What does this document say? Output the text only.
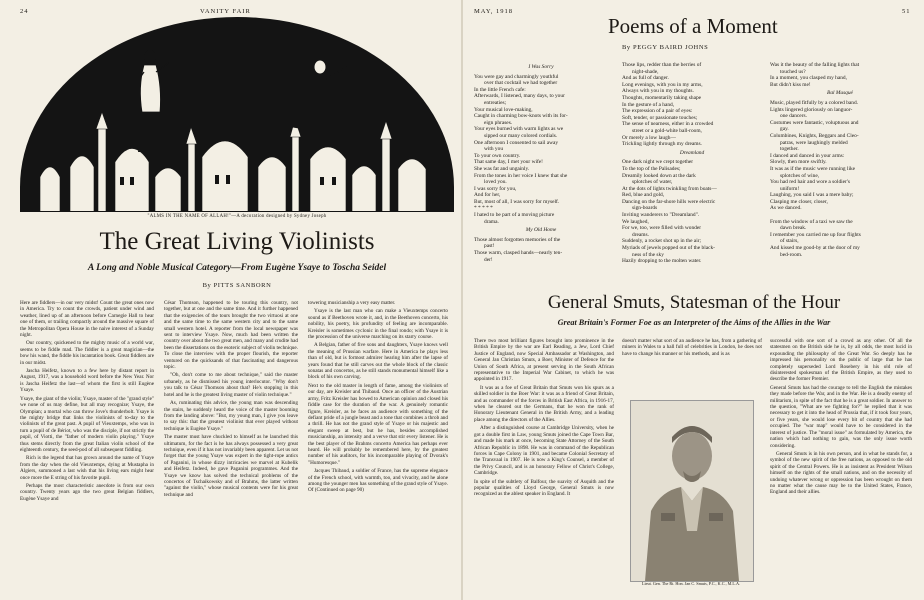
24	VANITY FAIR
"ALMS IN THE NAME OF ALLAH!"—A decoration designed by Sydney Joseph
The Great Living Violinists
A Long and Noble Musical Category—From Eugène Ysaye to Toscha Seidel
By PITTS SANBORN

Here are fiddlers—in our very midst! Count the great ones now in America. Try to count the crowds, patient under wind and weather, lined up of an afternoon before Carnegie Hall to hear one of them, or trailing compactly around the massive square of the Metropolitan Opera House in the naive interest of a Sunday night.

Our country, quickened to the mighty music of a world war, seems to be fiddle mad. The fiddler is a great magician—the bow his wand, the fiddle his incantation book. Great fiddlers are in our midst.

Jascha Heifetz, known to a few here by distant report in August, 1917, was a household word before the New Year. Nor is Jascha Heifetz the last—of whom the first is still Eugène Ysaye.

Ysaye, the giant of the violin; Ysaye, master of the "grand style" we none of us may define, but all may recognize; Ysaye, the Olympian; a mortal who can throw Jove's thunderbolt. Ysaye is the mighty bridge that links the violinists of to-day to the violinists of the great past. A pupil of Vieuxtemps, who was in turn a pupil of de Bériot, who was the disciple, if not strictly the pupil, of Viotti, the "father of modern violin playing." Ysaye thus stems directly from the great Italian violin school of the eighteenth century, the seed-pod of all subsequent fiddling.

Rich is the legend that has grown around the name of Ysaye from the day when the old Vieuxtemps, dying at Mustapha in Algiers, summoned a last wish that his living ears might hear once more the E string of his favorite pupil.

Perhaps the most characteristic anecdote is from our own country. Twenty years ago the two great Belgian fiddlers, Eugène Ysaye and

César Thomson, happened to be touring this country, not together, but at one and the same time. And it further happened that the exigencies of the tours brought the two virtuosi at one and the same time to the same western city and to the same small western hotel. A reporter from the local newspaper was sent to interview Ysaye. Now, much had been written the country over about the two great men, and many and crudite had been the dissertations on the esoteric subject of violin technique. To close the interview with the proper flourish, the reporter ventured on the quicksands of that fascinating and dangerous topic.

"Oh, don't come to me about technique," said the master urbanely, as he dismissed his young interlocutor. "Why don't you talk to César Thomson about that? He's stopping in this hotel and he is the greatest living master of violin technique."

As, ruminating this advice, the young man was descending the stairs, he suddenly heard the voice of the master booming from the landing above: "But, my young man, I give you leave to say this: that the greatest violinist that ever played without technique is Eugène Ysaye."

The master must have chuckled to himself as he launched this ultimatum, for the fact is he has always possessed a very great technique, even if it has not invariably been apparent. Let us not forget that the young Ysaye was expert in the tight-rope antics of Paganini, in whose dizzy intricacies we marvel at Kubelik and Heifetz. Indeed, he gave Paganini programmes. And the Ysaye we know has solved the technical problems of the concertos of Tschaikowsky and of Brahms, the latter written "against the violin," whose musical contents were for his great technique and

towering musicianship a very easy matter.

Ysaye is the last man who can make a Vieuxtemps concerto sound as if Beethoven wrote it, and, in the Beethoven concerto, his nobility, his poetry, his profundity of feeling are incomparable. Kreisler is sometimes cyclonic in the final rondo; with Ysaye it is the procession of the universe marching on its starry course.

A Belgian, father of five sons and daughters, Ysaye knows well the meaning of Prussian warfare. Here in America he plays less than of old, but is formost admirer hearing him after the lapse of years found that he still carves out the whole block of the classic sonatas and concertos, as he still stands monumental himself like a block of his own carving.

Next to the old master in length of fame, among the violinists of our day, are Kreisler and Thibaud. Once an officer of the Austrian army, Fritz Kreisler has bowed to American opinion and closed his fiddle case for the duration of the war. A genuinely romantic figure, Kreisler, as he faces an audience with something of the defiant pride of a jungle beast and a tone that combines a throb and a thrill. He has not the grand style of Ysaye or his majestic and elegant sweep at best, but he has, besides accomplished musicianship, an intensity and a verve that stir every listener. He is the best player of the Brahms concerto America has perhaps ever heard. He will probably be remembered here, by the greatest number of his auditors, for his incomparable playing of Dvorak's "Humoresque."

Jacques Thibaud, a soldier of France, has the supreme elegance of the French school, with warmth, too, and vivacity, and he alone among the younger men has something of the grand style of Ysaye. Of (Continued on page 90)

MAY, 1918	51
Poems of a Moment
By PEGGY BAIRD JOHNS
I Was Sorry
You were gay and charmingly youthful
over that cocktail we had together
In the little French cafe:
Afterwards, I listened, many days, to your
entreaties;
Your musical love-making,
Caught in charming bow-knots with its for-
eign phrases.
Your eyes burned with warm lights as we
sipped our many colored cordials.
One afternoon I consented to sail away
with you
To your own country.
That same day, I met your wife!
She was fat and ungainly.
From the tones in her voice I knew that she
loved you.
I was sorry for you,
And for her,
But, most of all, I was sorry for myself.
* * * * *
I hated to be part of a moving picture
drama.
My Old Home
Those almost forgotten memories of the
past!
Those warm, clasped hands—nearly ten-
der!
Those lips, redder than the berries of
night-shade,
And as full of danger.
Long evenings, with you in my arms,
Always with you in my thoughts.
Thoughts, momentarily taking shape
In the gesture of a hand,
The expression of a pair of eyes:
Soft, tender, or passionate touches;
The sense of nearness, either in a crowded
street or a gold-white ball-room,
Or merely a low laugh—
Trickling lightly through my dreams.
Dreamland
One dark night we crept together
To the top of the Palisades;
Dreamily looked down at the dark
splotches of water,
At the dots of lights twinkling from boats—
Red, blue and gold,
Dancing on the far-shore hills were electric
sign-boards
Inviting wanderers to "Dreamland".
We laughed,
For we, too, were filled with wonder
dreams.
Suddenly, a rocket shot up in the air;
Myriads of jewels popped out of the black-
ness of the sky
Hazily dropping to the molten water.
Was it the beauty of the falling lights that
touched us?
In a moment, you clasped my hand,
But didn't kiss me!
Bal Musqué
Music, played fitfully by a colored band.
Lights lingered gloriously on languor-
one dancers.
Costumes were fantastic, voluptuous and
gay.
Columbines, Knights, Beggars and Cleo-
patras, were laughingly melded
together.
I danced and danced in your arms:
Slowly, then more swiftly.
It was as if the music were running like
splotches of wine,
You had red hair and wore a soldier's
uniform!
Laughing, you said I was a mere baby;
Clasping me closer, closer,
As we danced.

From the window of a taxi we saw the
dawn break.
I remember you carried me up four flights
of stairs,
And kissed me good-by at the door of my
bed-room.
General Smuts, Statesman of the Hour
Great Britain's Former Foe as an Interpreter of the Aims of the Allies in the War

There two most brilliant figures brought into prominence in the British Empire by the war are Earl Reading, a Jew, Lord Chief Justice of England, now Special Ambassador at Washington, and General Jan Christian Smuts, a Boer, Minister of Defence for the Union of South Africa, at present serving in the South African representative to the Imperial War Cabinet, to which he was appointed in 1917.

It was as a foe of Great Britain that Smuts won his spurs as a skilled soldier in the Boer War: it was as a friend of Great Britain, and as commander of the forces in British East Africa, in 1916-17, when he cleared out the Germans, that he won the rank of Honorary Lieutenant General in the British Army, and a leading place among the directors of the Allies.

After a distinguished course at Cambridge University, when he got a double first in Law, young Smuts joined the Cape Town Bar, and made his mark at once, becoming State Attorney of the South African Republic in 1898. He was in command of the Republican forces in Cape Colony in 1901, and became Colonial Secretary of the Transvaal in 1907. He is now a King's Counsel, a member of the Privy Council, and is an honorary Fellow of Christ's College, Cambridge.

In spite of the subtlety of Balfour, the suavity of Asquith and the popular qualities of Lloyd George, General Smuts is now recognized as the ablest speaker in England. It

doesn't matter what sort of an audience he has, from a gathering of miners in Wales to a hall full of celebrities in London, he does not have to change his manner or his methods, and is as

Lieut. Gen. The Rt. Hon. Jan C. Smuts, P.C., K.C., M.L.A.

successful with one sort of a crowd as any other. Of all the statesmen on the British side he is, by all odds, the most lucid in expounding the philosophy of the Great War. So deeply has he impressed his personality on the public of large that he has completely superseded Lord Rosebery in his old role of disinterested spokesman of the British Empire, as they used to describe the former Premier.

General Smuts has had the courage to tell the English the mistakes they made before the War, and in the War. He is a deadly enemy of militarism, in spite of the fact that he is a great soldier. In answer to the question, "What are we fighting for?" he replied that it was necessary to get it into the head of Prussia that, if it took four years, or five years, she would lose every bit of country that she had occupied. The "war map" would have to be considered in the interest of justice. The "moral issue" as formulated by America, the nation which had nothing to gain, was the only issue worth considering.

General Smuts is in his own person, and in what he stands for, a symbol of the new spirit of the free nations, as opposed to the old spirit of the Central Powers. He is as insistent as President Wilson himself on the rights of the small nations, and on the necessity of undoing whatever wrong or oppression has been wrought on them no matter what the cause may be to the United States, France, England and their allies.
